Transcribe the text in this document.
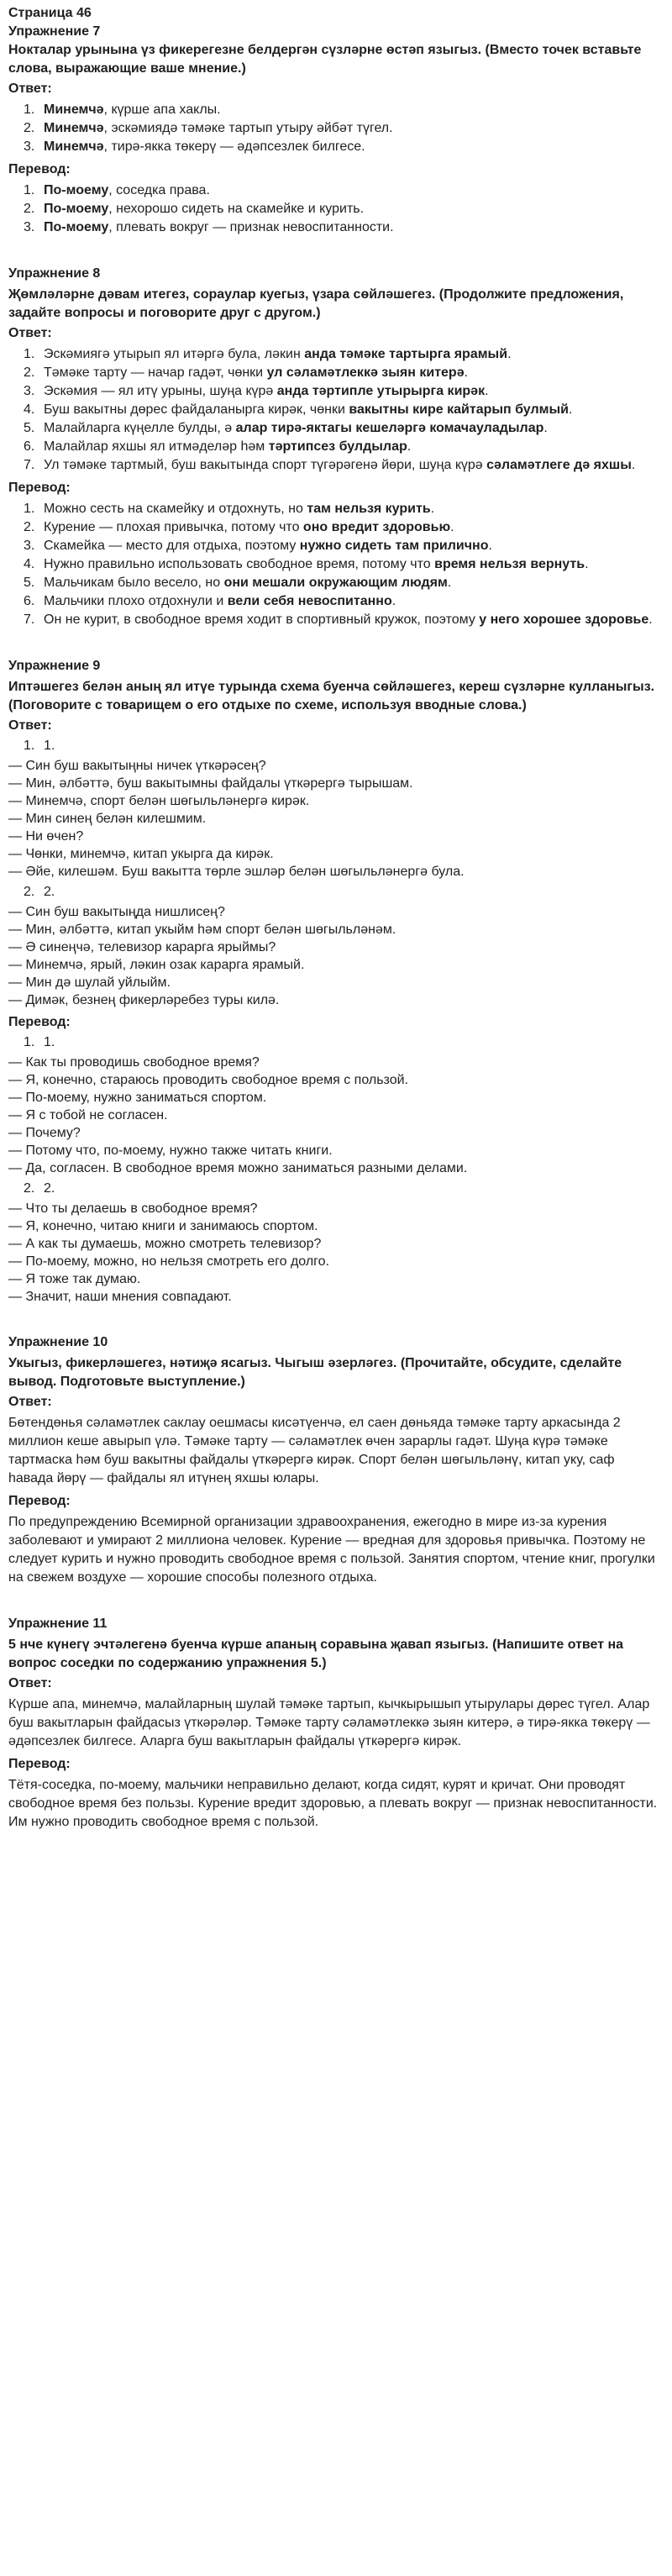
Страница 46

Упражнение 7

Нокталар урынына үз фикерегезне белдергән сүзләрне өстәп языгыз. (Вместо точек вставьте слова, выражающие ваше мнение.)

Ответ:

1. Минемчә, күрше апа хаклы.
2. Минемчә, эскәмиядә тәмәке тартып утыру әйбәт түгел.
3. Минемчә, тирә-якка төкерү — әдәпсезлек билгесе.

Перевод:

1. По-моему, соседка права.
2. По-моему, нехорошо сидеть на скамейке и курить.
3. По-моему, плевать вокруг — признак невоспитанности.

Упражнение 8

Җөмләләрне дәвам итегез, сораулар куегыз, үзара сөйләшегез. (Продолжите предложения, задайте вопросы и поговорите друг с другом.)

Ответ:

1. Эскәмиягә утырып ял итәргә була, ләкин анда тәмәке тартырга ярамый.
2. Тәмәке тарту — начар гадәт, чөнки ул сәламәтлеккә зыян китерә.
3. Эскәмия — ял итү урыны, шуңа күрә анда тәртипле утырырга кирәк.
4. Буш вакытны дөрес файдаланырга кирәк, чөнки вакытны кире кайтарып булмый.
5. Малайларга күңелле булды, ә алар тирә-яктагы кешеләргә комачауладылар.
6. Малайлар яхшы ял итмәделәр һәм тәртипсез булдылар.
7. Ул тәмәке тартмый, буш вакытында спорт түгәрәгенә йөри, шуңа күрә сәламәтлеге дә яхшы.

Перевод:

1. Можно сесть на скамейку и отдохнуть, но там нельзя курить.
2. Курение — плохая привычка, потому что оно вредит здоровью.
3. Скамейка — место для отдыха, поэтому нужно сидеть там прилично.
4. Нужно правильно использовать свободное время, потому что время нельзя вернуть.
5. Мальчикам было весело, но они мешали окружающим людям.
6. Мальчики плохо отдохнули и вели себя невоспитанно.
7. Он не курит, в свободное время ходит в спортивный кружок, поэтому у него хорошее здоровье.

Упражнение 9

Иптәшегез белән аның ял итүе турында схема буенча сөйләшегез, кереш сүзләрне кулланыгыз. (Поговорите с товарищем о его отдыхе по схеме, используя вводные слова.)

Ответ:

1. 1.
— Син буш вакытыңны ничек үткәрәсең?
— Мин, әлбәттә, буш вакытымны файдалы үткәрергә тырышам.
— Минемчә, спорт белән шөгыльләнергә кирәк.
— Мин синең белән килешмим.
— Ни өчен?
— Чөнки, минемчә, китап укырга да кирәк.
— Әйе, килешәм. Буш вакытта төрле эшләр белән шөгыльләнергә була.
2. 2.
— Син буш вакытыңда нишлисең?
— Мин, әлбәттә, китап укыйм һәм спорт белән шөгыльләнәм.
— Ә синеңчә, телевизор карарга ярыймы?
— Минемчә, ярый, ләкин озак карарга ярамый.
— Мин дә шулай уйлыйм.
— Димәк, безнең фикерләребез туры килә.

Перевод:

1. 1.
— Как ты проводишь свободное время?
— Я, конечно, стараюсь проводить свободное время с пользой.
— По-моему, нужно заниматься спортом.
— Я с тобой не согласен.
— Почему?
— Потому что, по-моему, нужно также читать книги.
— Да, согласен. В свободное время можно заниматься разными делами.
2. 2.
— Что ты делаешь в свободное время?
— Я, конечно, читаю книги и занимаюсь спортом.
— А как ты думаешь, можно смотреть телевизор?
— По-моему, можно, но нельзя смотреть его долго.
— Я тоже так думаю.
— Значит, наши мнения совпадают.

Упражнение 10

Укыгыз, фикерләшегез, нәтиҗә ясагыз. Чыгыш әзерләгез. (Прочитайте, обсудите, сделайте вывод. Подготовьте выступление.)

Ответ:

Бөтендөнья сәламәтлек саклау оешмасы кисәтүенчә, ел саен дөньяда тәмәке тарту аркасында 2 миллион кеше авырып үлә. Тәмәке тарту — сәламәтлек өчен зарарлы гадәт. Шуңа күрә тәмәке тартмаска һәм буш вакытны файдалы үткәрергә кирәк. Спорт белән шөгыльләнү, китап уку, саф һавада йөрү — файдалы ял итүнең яхшы юлары.

Перевод:

По предупреждению Всемирной организации здравоохранения, ежегодно в мире из-за курения заболевают и умирают 2 миллиона человек. Курение — вредная для здоровья привычка. Поэтому не следует курить и нужно проводить свободное время с пользой. Занятия спортом, чтение книг, прогулки на свежем воздухе — хорошие способы полезного отдыха.

Упражнение 11

5 нче күнегү эчтәлегенә буенча күрше апаның соравына җавап языгыз. (Напишите ответ на вопрос соседки по содержанию упражнения 5.)

Ответ:

Күрше апа, минемчә, малайларның шулай тәмәке тартып, кычкырышып утырулары дөрес түгел. Алар буш вакытларын файдасыз үткәрәләр. Тәмәке тарту сәламәтлеккә зыян китерә, ә тирә-якка төкерү — әдәпсезлек билгесе. Аларга буш вакытларын файдалы үткәрергә кирәк.

Перевод:

Тётя-соседка, по-моему, мальчики неправильно делают, когда сидят, курят и кричат. Они проводят свободное время без пользы. Курение вредит здоровью, а плевать вокруг — признак невоспитанности. Им нужно проводить свободное время с пользой.
